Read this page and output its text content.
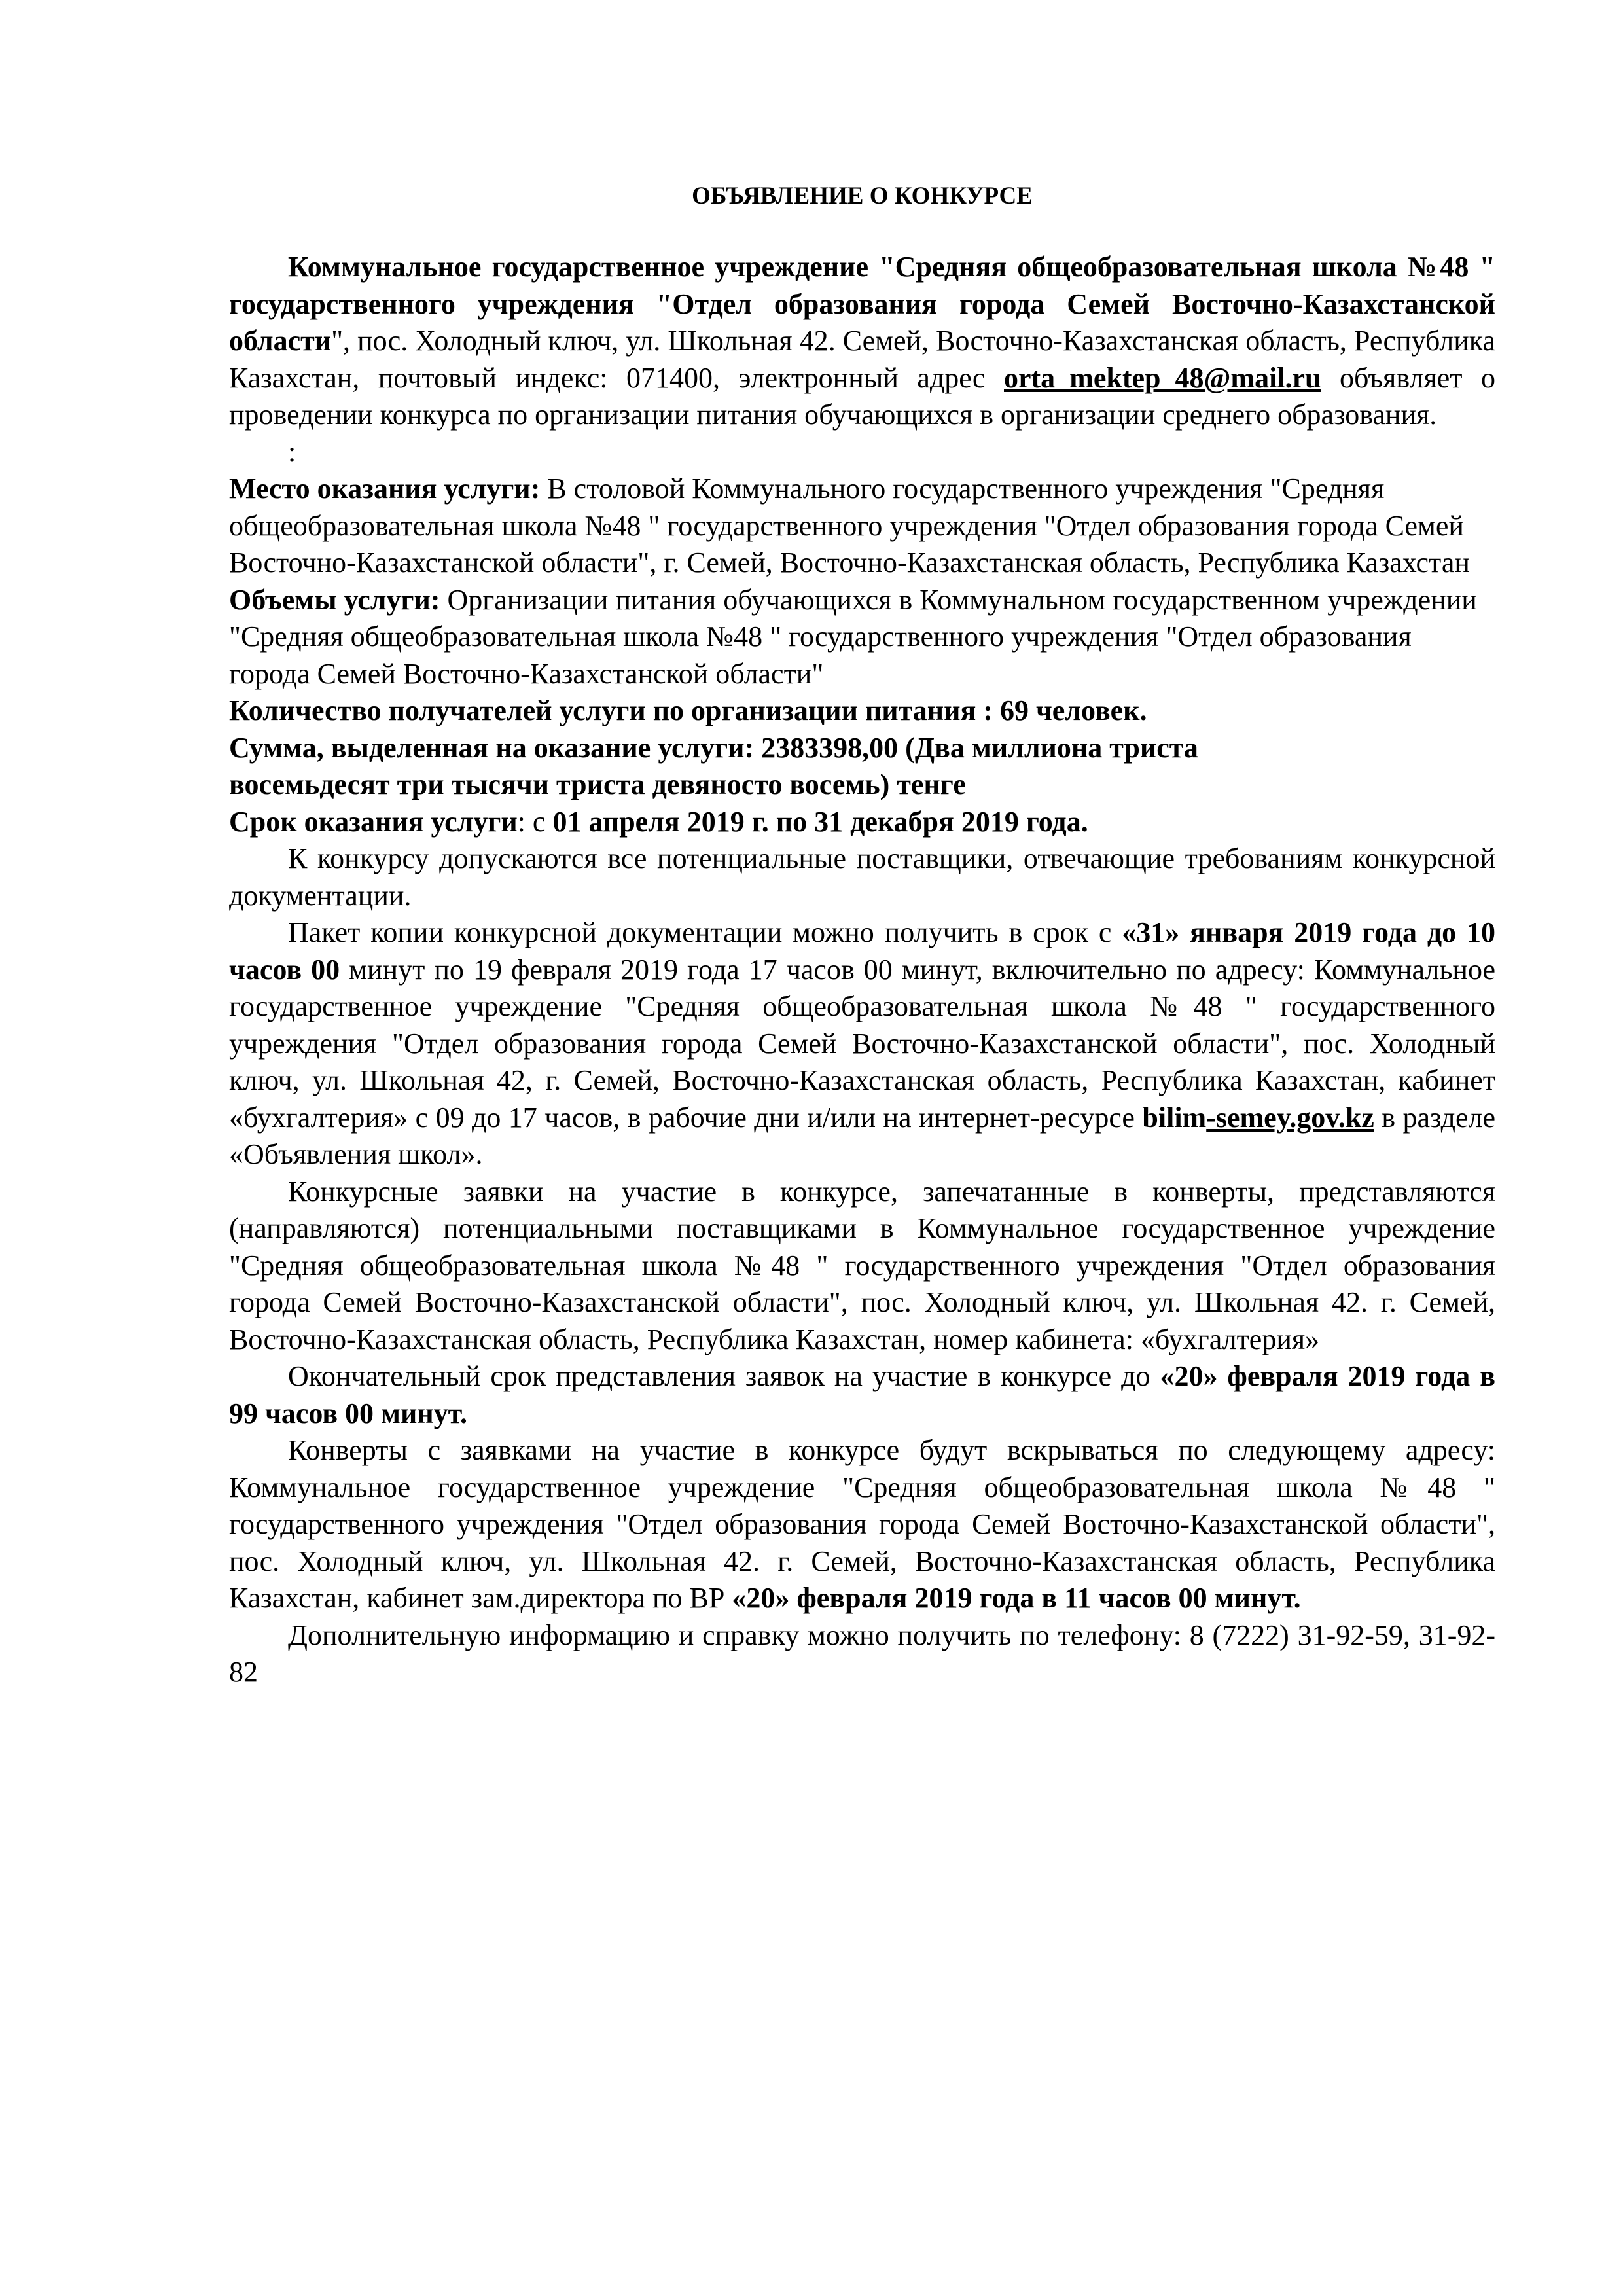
ОБЪЯВЛЕНИЕ О КОНКУРСЕ

Коммунальное государственное учреждение "Средняя общеобразовательная школа №48 " государственного учреждения "Отдел образования города Семей Восточно-Казахстанской области", пос. Холодный ключ, ул. Школьная 42. Семей, Восточно-Казахстанская область, Республика Казахстан, почтовый индекс: 071400, электронный адрес orta_mektep_48@mail.ru объявляет о проведении конкурса по организации питания обучающихся в организации среднего образования.

:

Место оказания услуги: В столовой Коммунального государственного учреждения "Средняя общеобразовательная школа №48 " государственного учреждения "Отдел образования города Семей Восточно-Казахстанской области", г. Семей, Восточно-Казахстанская область, Республика Казахстан

Объемы услуги: Организации питания обучающихся в Коммунальном государственном учреждении "Средняя общеобразовательная школа №48 " государственного учреждения "Отдел образования города Семей Восточно-Казахстанской области"

Количество получателей услуги по организации питания : 69 человек.

Сумма, выделенная на оказание услуги: 2383398,00 (Два миллиона триста восемьдесят три тысячи триста девяносто восемь) тенге

Срок оказания услуги: с 01 апреля 2019 г. по 31 декабря 2019 года.

К конкурсу допускаются все потенциальные поставщики, отвечающие требованиям конкурсной документации.

Пакет копии конкурсной документации можно получить в срок с «31» января 2019 года до 10 часов 00 минут по 19 февраля 2019 года 17 часов 00 минут, включительно по адресу: Коммунальное государственное учреждение "Средняя общеобразовательная школа №48 " государственного учреждения "Отдел образования города Семей Восточно-Казахстанской области", пос. Холодный ключ, ул. Школьная 42, г. Семей, Восточно-Казахстанская область, Республика Казахстан, кабинет «бухгалтерия» с 09 до 17 часов, в рабочие дни и/или на интернет-ресурсе bilim-semey.gov.kz в разделе «Объявления школ».

Конкурсные заявки на участие в конкурсе, запечатанные в конверты, представляются (направляются) потенциальными поставщиками в Коммунальное государственное учреждение "Средняя общеобразовательная школа №48 " государственного учреждения "Отдел образования города Семей Восточно-Казахстанской области", пос. Холодный ключ, ул. Школьная 42. г. Семей, Восточно-Казахстанская область, Республика Казахстан, номер кабинета: «бухгалтерия»

Окончательный срок представления заявок на участие в конкурсе до «20» февраля 2019 года в 99 часов 00 минут.

Конверты с заявками на участие в конкурсе будут вскрываться по следующему адресу: Коммунальное государственное учреждение "Средняя общеобразовательная школа №48 " государственного учреждения "Отдел образования города Семей Восточно-Казахстанской области", пос. Холодный ключ, ул. Школьная 42. г. Семей, Восточно-Казахстанская область, Республика Казахстан, кабинет зам.директора по ВР «20» февраля 2019 года в 11 часов 00 минут.

Дополнительную информацию и справку можно получить по телефону: 8 (7222) 31-92-59, 31-92-82
